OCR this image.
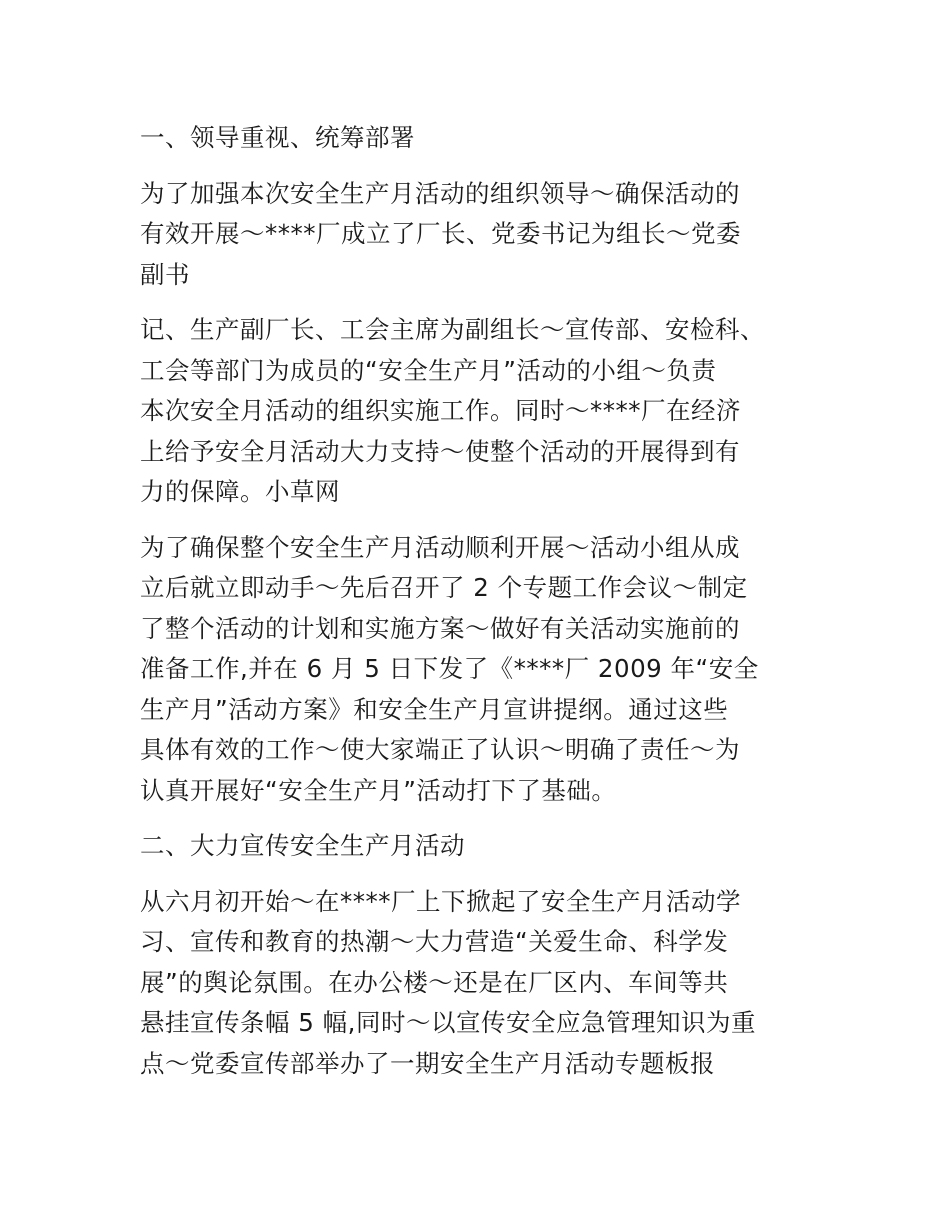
一、领导重视、统筹部署
为了加强本次安全生产月活动的组织领导～确保活动的
有效开展～****厂成立了厂长、党委书记为组长～党委
副书
记、生产副厂长、工会主席为副组长～宣传部、安检科、
工会等部门为成员的“安全生产月”活动的小组～负责
本次安全月活动的组织实施工作。同时～****厂在经济
上给予安全月活动大力支持～使整个活动的开展得到有
力的保障。小草网
为了确保整个安全生产月活动顺利开展～活动小组从成
立后就立即动手～先后召开了 2 个专题工作会议～制定
了整个活动的计划和实施方案～做好有关活动实施前的
准备工作,并在 6 月 5 日下发了《****厂 2009 年“安全
生产月”活动方案》和安全生产月宣讲提纲。通过这些
具体有效的工作～使大家端正了认识～明确了责任～为
认真开展好“安全生产月”活动打下了基础。
二、大力宣传安全生产月活动
从六月初开始～在****厂上下掀起了安全生产月活动学
习、宣传和教育的热潮～大力营造“关爱生命、科学发
展”的舆论氛围。在办公楼～还是在厂区内、车间等共
悬挂宣传条幅 5 幅,同时～以宣传安全应急管理知识为重
点～党委宣传部举办了一期安全生产月活动专题板报
